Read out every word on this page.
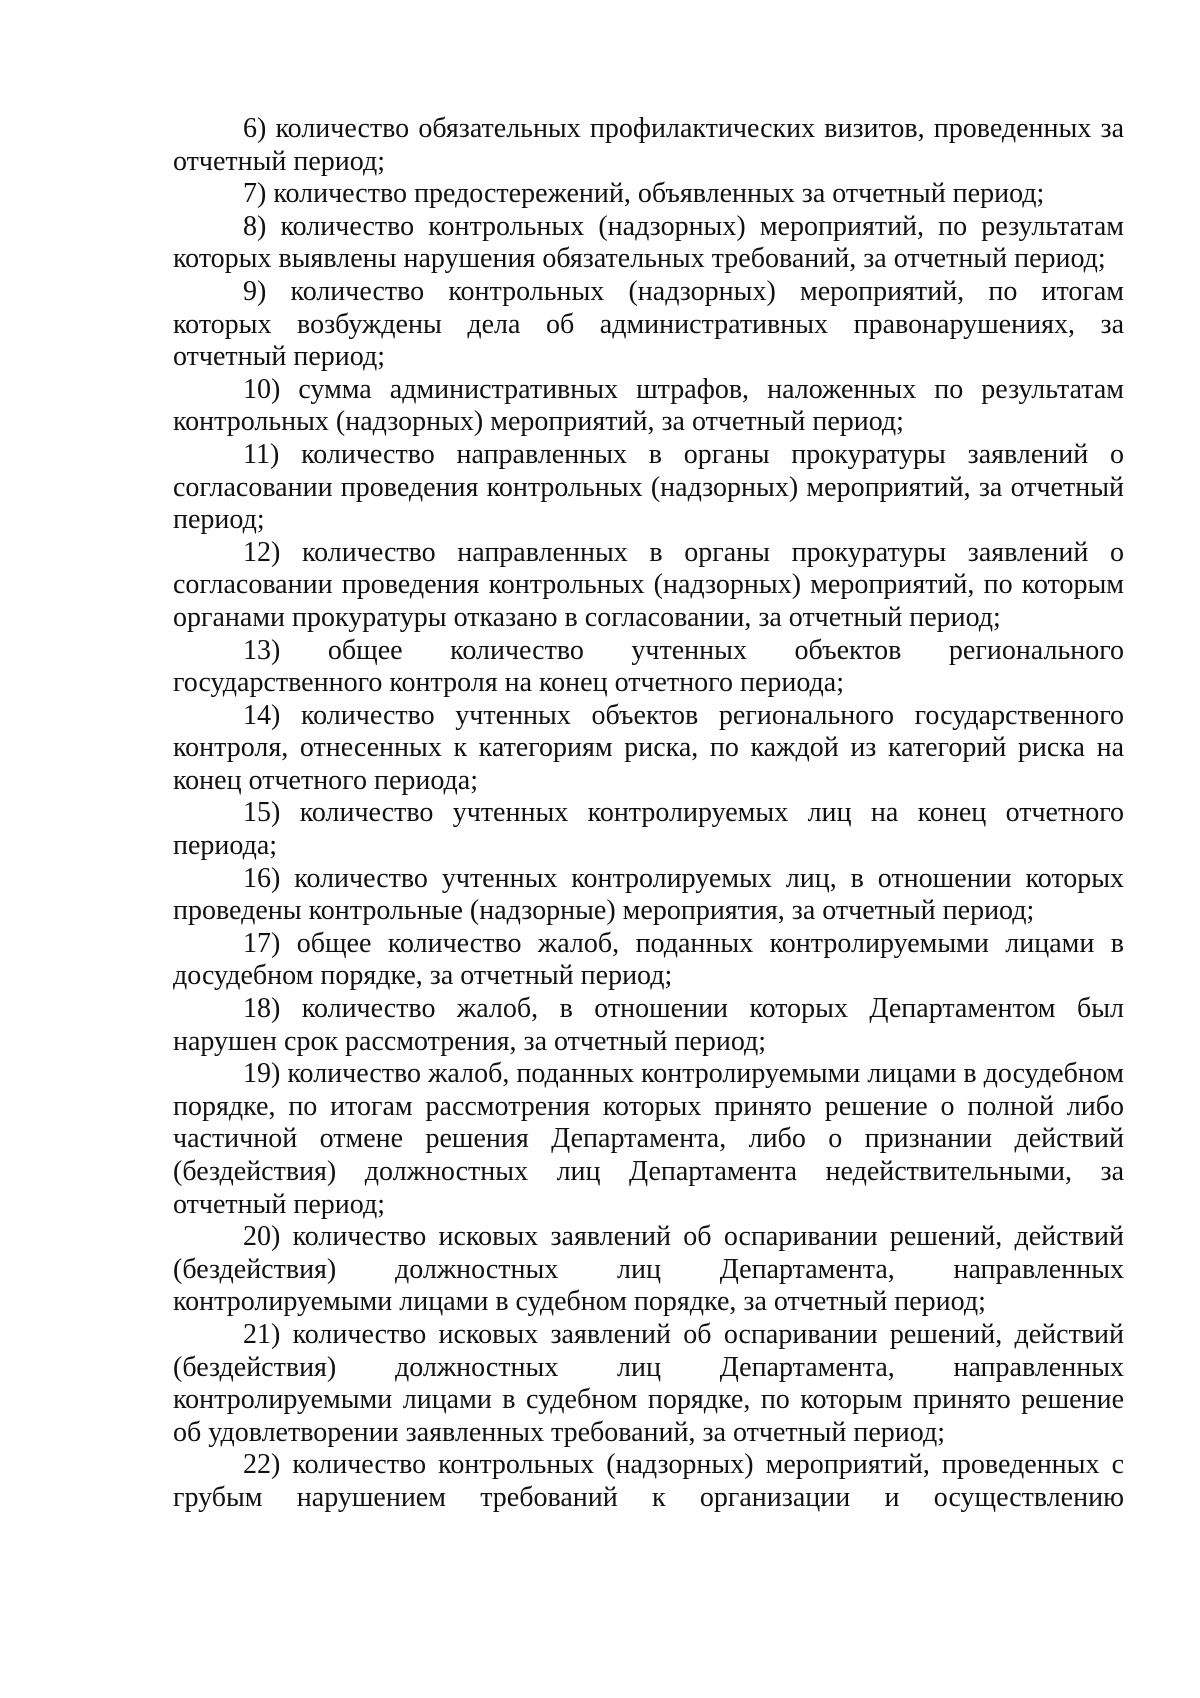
6) количество обязательных профилактических визитов, проведенных за отчетный период;

7) количество предостережений, объявленных за отчетный период;

8) количество контрольных (надзорных) мероприятий, по результатам которых выявлены нарушения обязательных требований, за отчетный период;

9) количество контрольных (надзорных) мероприятий, по итогам которых возбуждены дела об административных правонарушениях, за отчетный период;

10) сумма административных штрафов, наложенных по результатам контрольных (надзорных) мероприятий, за отчетный период;

11) количество направленных в органы прокуратуры заявлений о согласовании проведения контрольных (надзорных) мероприятий, за отчетный период;

12) количество направленных в органы прокуратуры заявлений о согласовании проведения контрольных (надзорных) мероприятий, по которым органами прокуратуры отказано в согласовании, за отчетный период;

13) общее количество учтенных объектов регионального государственного контроля на конец отчетного периода;

14) количество учтенных объектов регионального государственного контроля, отнесенных к категориям риска, по каждой из категорий риска на конец отчетного периода;

15) количество учтенных контролируемых лиц на конец отчетного периода;

16) количество учтенных контролируемых лиц, в отношении которых проведены контрольные (надзорные) мероприятия, за отчетный период;

17) общее количество жалоб, поданных контролируемыми лицами в досудебном порядке, за отчетный период;

18) количество жалоб, в отношении которых Департаментом был нарушен срок рассмотрения, за отчетный период;

19) количество жалоб, поданных контролируемыми лицами в досудебном порядке, по итогам рассмотрения которых принято решение о полной либо частичной отмене решения Департамента, либо о признании действий (бездействия) должностных лиц Департамента недействительными, за отчетный период;

20) количество исковых заявлений об оспаривании решений, действий (бездействия) должностных лиц Департамента, направленных контролируемыми лицами в судебном порядке, за отчетный период;

21) количество исковых заявлений об оспаривании решений, действий (бездействия) должностных лиц Департамента, направленных контролируемыми лицами в судебном порядке, по которым принято решение об удовлетворении заявленных требований, за отчетный период;

22) количество контрольных (надзорных) мероприятий, проведенных с грубым нарушением требований к организации и осуществлению
